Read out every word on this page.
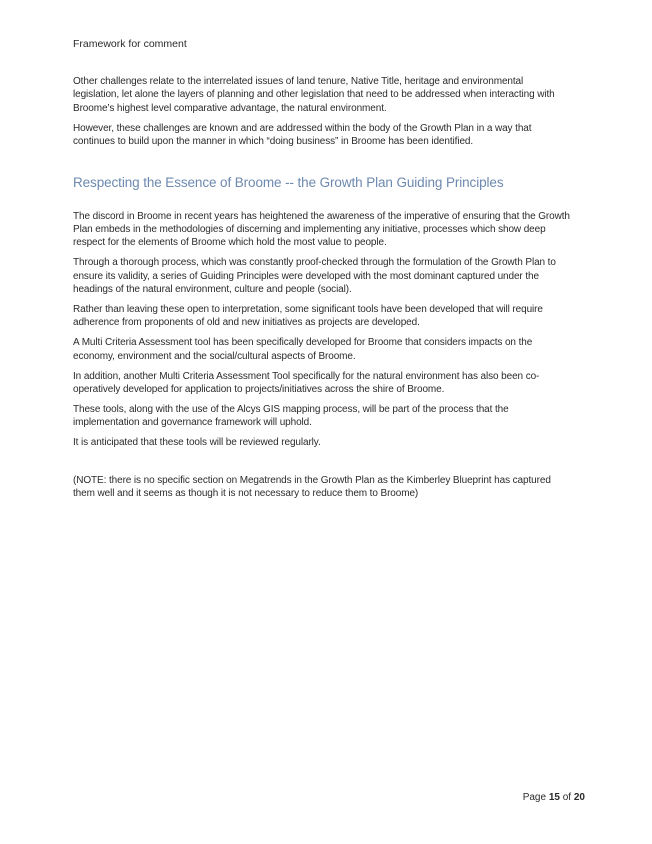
Framework for comment

Other challenges relate to the interrelated issues of land tenure, Native Title, heritage and environmental legislation, let alone the layers of planning and other legislation that need to be addressed when interacting with Broome’s highest level comparative advantage, the natural environment.

However, these challenges are known and are addressed within the body of the Growth Plan in a way that continues to build upon the manner in which “doing business” in Broome has been identified.

Respecting the Essence of Broome -- the Growth Plan Guiding Principles

The discord in Broome in recent years has heightened the awareness of the imperative of ensuring that the Growth Plan embeds in the methodologies of discerning and implementing any initiative, processes which show deep respect for the elements of Broome which hold the most value to people.

Through a thorough process, which was constantly proof-checked through the formulation of the Growth Plan to ensure its validity, a series of Guiding Principles were developed with the most dominant captured under the headings of the natural environment, culture and people (social).

Rather than leaving these open to interpretation, some significant tools have been developed that will require adherence from proponents of old and new initiatives as projects are developed.

A Multi Criteria Assessment tool has been specifically developed for Broome that considers impacts on the economy, environment and the social/cultural aspects of Broome.

In addition, another Multi Criteria Assessment Tool specifically for the natural environment has also been co-operatively developed for application to projects/initiatives across the shire of Broome.

These tools, along with the use of the Alcys GIS mapping process, will be part of the process that the implementation and governance framework will uphold.

It is anticipated that these tools will be reviewed regularly.

(NOTE: there is no specific section on Megatrends in the Growth Plan as the Kimberley Blueprint has captured them well and it seems as though it is not necessary to reduce them to Broome)

Page 15 of 20
